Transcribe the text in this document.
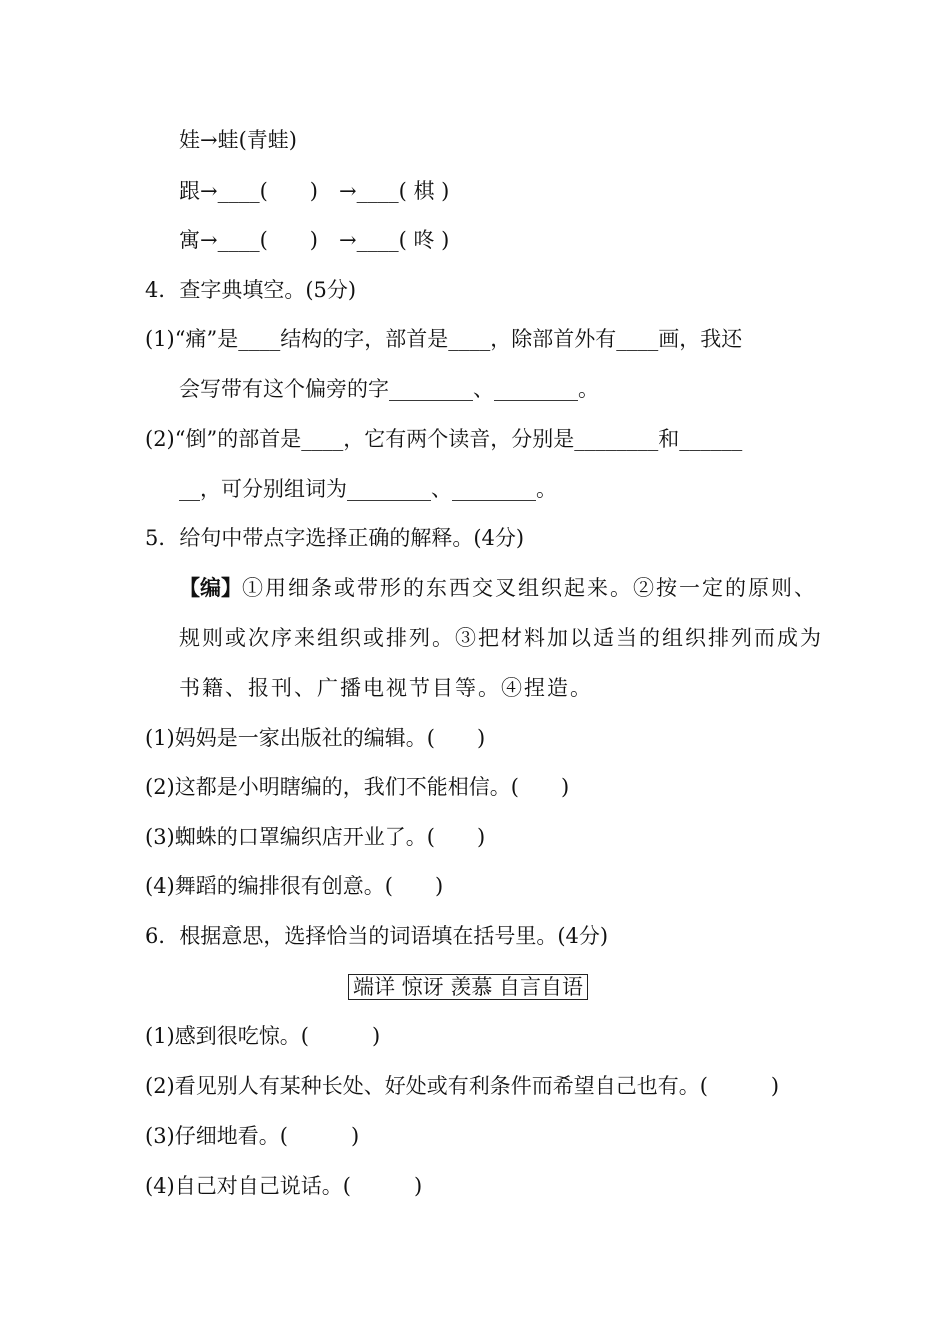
娃→蛙(青蛙)
跟→____(　　)　→____( 棋 )
寓→____(　　)　→____( 咚 )
4．查字典填空。(5分)
(1)“痛”是____结构的字，部首是____，除部首外有____画，我还
会写带有这个偏旁的字________、________。
(2)“倒”的部首是____，它有两个读音，分别是________和______
__，可分别组词为________、________。
5．给句中带点字选择正确的解释。(4分)
【编】①用细条或带形的东西交叉组织起来。②按一定的原则、
规则或次序来组织或排列。③把材料加以适当的组织排列而成为
书籍、报刊、广播电视节目等。④捏造。
(1)妈妈是一家出版社的编辑。(　　)
(2)这都是小明瞎编的，我们不能相信。(　　)
(3)蜘蛛的口罩编织店开业了。(　　)
(4)舞蹈的编排很有创意。(　　)
6．根据意思，选择恰当的词语填在括号里。(4分)
端详 惊讶 羡慕 自言自语
(1)感到很吃惊。(　　　)
(2)看见别人有某种长处、好处或有利条件而希望自己也有。(　　　)
(3)仔细地看。(　　　)
(4)自己对自己说话。(　　　)
